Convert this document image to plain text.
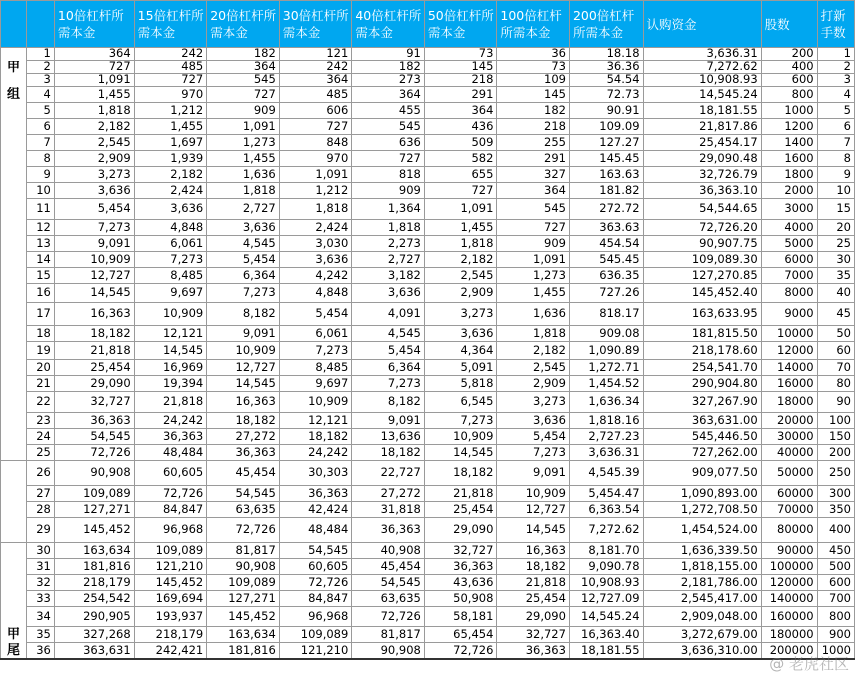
		10倍杠杆所需本金	15倍杠杆所需本金	20倍杠杆所需本金	30倍杠杆所需本金	40倍杠杆所需本金	50倍杠杆所需本金	100倍杠杆所需本金	200倍杠杆所需本金	认购资金	股数	打新手数
	1	364	242	182	121	91	73	36	18.18	3,636.31	200	1
甲	2	727	485	364	242	182	145	73	36.36	7,272.62	400	2
	3	1,091	727	545	364	273	218	109	54.54	10,908.93	600	3
组	4	1,455	970	727	485	364	291	145	72.73	14,545.24	800	4
	5	1,818	1,212	909	606	455	364	182	90.91	18,181.55	1000	5
	6	2,182	1,455	1,091	727	545	436	218	109.09	21,817.86	1200	6
	7	2,545	1,697	1,273	848	636	509	255	127.27	25,454.17	1400	7
	8	2,909	1,939	1,455	970	727	582	291	145.45	29,090.48	1600	8
	9	3,273	2,182	1,636	1,091	818	655	327	163.63	32,726.79	1800	9
	10	3,636	2,424	1,818	1,212	909	727	364	181.82	36,363.10	2000	10
	11	5,454	3,636	2,727	1,818	1,364	1,091	545	272.72	54,544.65	3000	15
	12	7,273	4,848	3,636	2,424	1,818	1,455	727	363.63	72,726.20	4000	20
	13	9,091	6,061	4,545	3,030	2,273	1,818	909	454.54	90,907.75	5000	25
	14	10,909	7,273	5,454	3,636	2,727	2,182	1,091	545.45	109,089.30	6000	30
	15	12,727	8,485	6,364	4,242	3,182	2,545	1,273	636.35	127,270.85	7000	35
	16	14,545	9,697	7,273	4,848	3,636	2,909	1,455	727.26	145,452.40	8000	40
	17	16,363	10,909	8,182	5,454	4,091	3,273	1,636	818.17	163,633.95	9000	45
	18	18,182	12,121	9,091	6,061	4,545	3,636	1,818	909.08	181,815.50	10000	50
	19	21,818	14,545	10,909	7,273	5,454	4,364	2,182	1,090.89	218,178.60	12000	60
	20	25,454	16,969	12,727	8,485	6,364	5,091	2,545	1,272.71	254,541.70	14000	70
	21	29,090	19,394	14,545	9,697	7,273	5,818	2,909	1,454.52	290,904.80	16000	80
	22	32,727	21,818	16,363	10,909	8,182	6,545	3,273	1,636.34	327,267.90	18000	90
	23	36,363	24,242	18,182	12,121	9,091	7,273	3,636	1,818.16	363,631.00	20000	100
	24	54,545	36,363	27,272	18,182	13,636	10,909	5,454	2,727.23	545,446.50	30000	150
	25	72,726	48,484	36,363	24,242	18,182	14,545	7,273	3,636.31	727,262.00	40000	200
	26	90,908	60,605	45,454	30,303	22,727	18,182	9,091	4,545.39	909,077.50	50000	250
	27	109,089	72,726	54,545	36,363	27,272	21,818	10,909	5,454.47	1,090,893.00	60000	300
	28	127,271	84,847	63,635	42,424	31,818	25,454	12,727	6,363.54	1,272,708.50	70000	350
	29	145,452	96,968	72,726	48,484	36,363	29,090	14,545	7,272.62	1,454,524.00	80000	400
	30	163,634	109,089	81,817	54,545	40,908	32,727	16,363	8,181.70	1,636,339.50	90000	450
	31	181,816	121,210	90,908	60,605	45,454	36,363	18,182	9,090.78	1,818,155.00	100000	500
	32	218,179	145,452	109,089	72,726	54,545	43,636	21,818	10,908.93	2,181,786.00	120000	600
	33	254,542	169,694	127,271	84,847	63,635	50,908	25,454	12,727.09	2,545,417.00	140000	700
	34	290,905	193,937	145,452	96,968	72,726	58,181	29,090	14,545.24	2,909,048.00	160000	800
甲	35	327,268	218,179	163,634	109,089	81,817	65,454	32,727	16,363.40	3,272,679.00	180000	900
尾	36	363,631	242,421	181,816	121,210	90,908	72,726	36,363	18,181.55	3,636,310.00	200000	1000
@ 老虎社区
